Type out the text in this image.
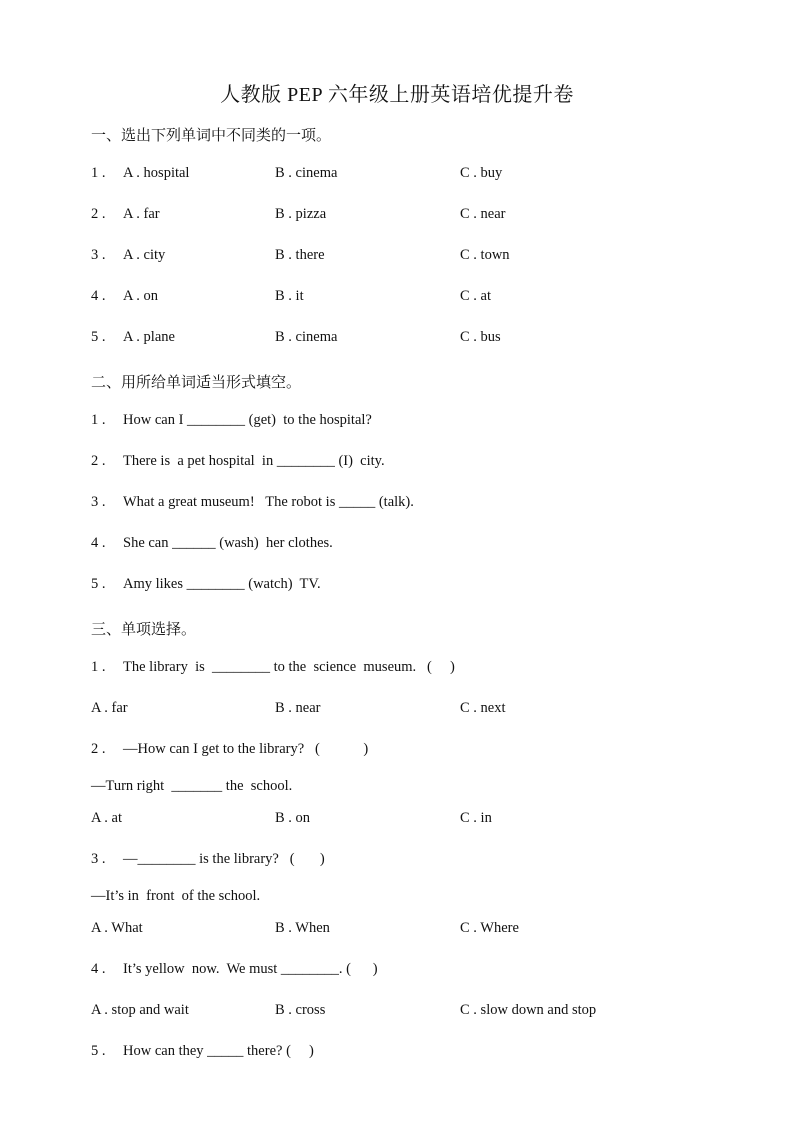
人教版 PEP 六年级上册英语培优提升卷
一、选出下列单词中不同类的一项。
1 . A . hospital	B . cinema	C . buy
2 . A . far	B . pizza	C . near
3 . A . city	B . there	C . town
4 . A . on	B . it	C . at
5 . A . plane	B . cinema	C . bus
二、用所给单词适当形式填空。
1 . How can I ________ (get)  to the hospital?
2 . There is  a pet hospital  in ________ (I)  city.
3 . What a great museum!   The robot is _____ (talk).
4 . She can ______ (wash)  her clothes.
5 . Amy likes ________ (watch)  TV.
三、单项选择。
1 . The library  is  ________ to the  science  museum.   (     )
A . far	B . near	C . next
2 . —How can I get to the library?   (            )
—Turn right  _______ the  school.
A . at	B . on	C . in
3 . —________ is the library?   (       )
—It’s in  front  of the school.
A . What	B . When	C . Where
4 . It’s yellow  now.  We must ________. (      )
A . stop and wait	B . cross	C . slow down and stop
5 . How can they _____ there? (     )
